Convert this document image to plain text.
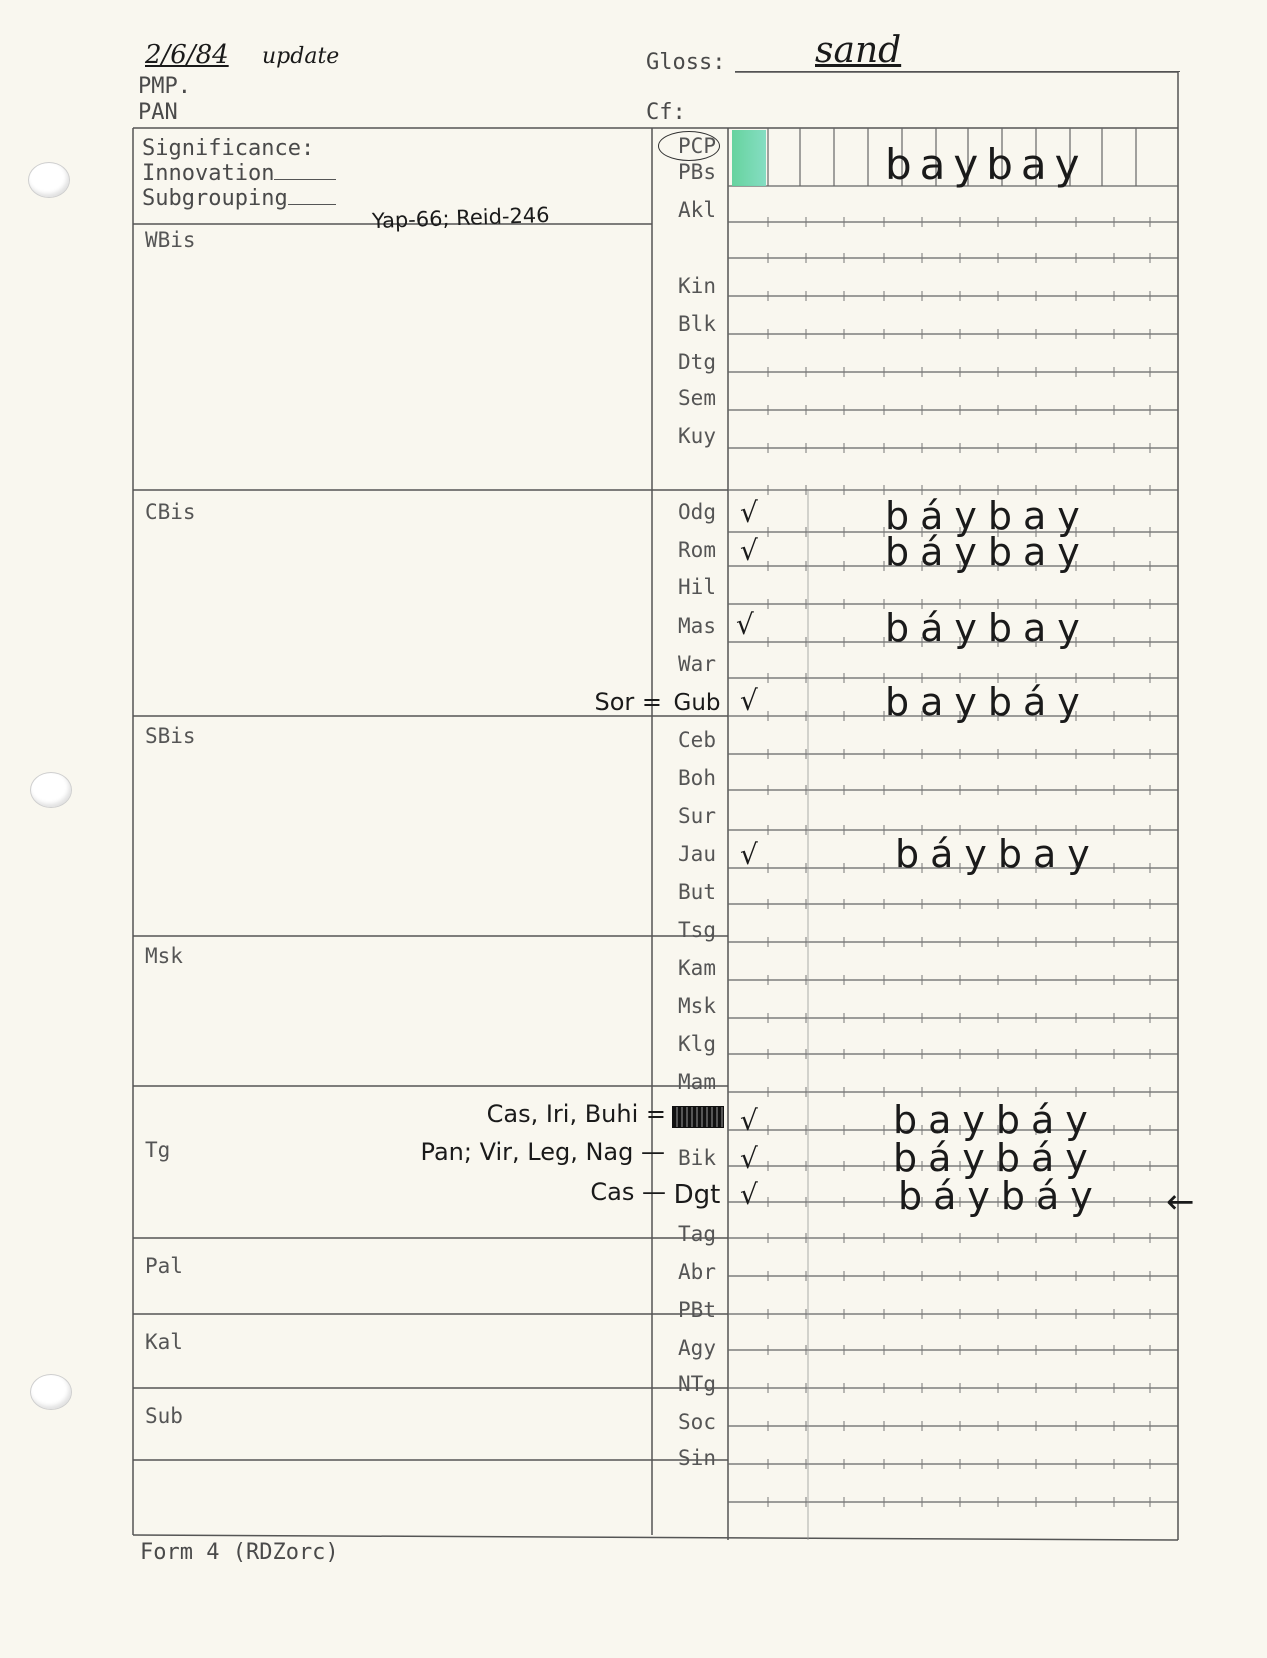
2/6/84 update
PMP.
PAN
Gloss: sand
Cf:
Significance:
Innovation
Subgrouping
Yap-66; Reid-246
WBis
CBis
SBis
Msk
Tg
Pal
Kal
Sub
PCP
PBs
Akl
Kin
Blk
Dtg
Sem
Kuy
Odg
Rom
Hil
Mas
War
Gub
Ceb
Boh
Sur
Jau
But
Tsg
Kam
Msk
Klg
Mam
Bik
Dgt
Tag
Abr
PBt
Agy
NTg
Soc
Sin
baybay
báybay
báybay
báybay
baybáy
báybay
baybáy
báybáy
báybáy
√
√
√
√
√
√
√
√
Sor =
Cas, Iri, Buhi =
Pan; Vir, Leg, Nag —
Cas —	←
Form 4 (RDZorc)
